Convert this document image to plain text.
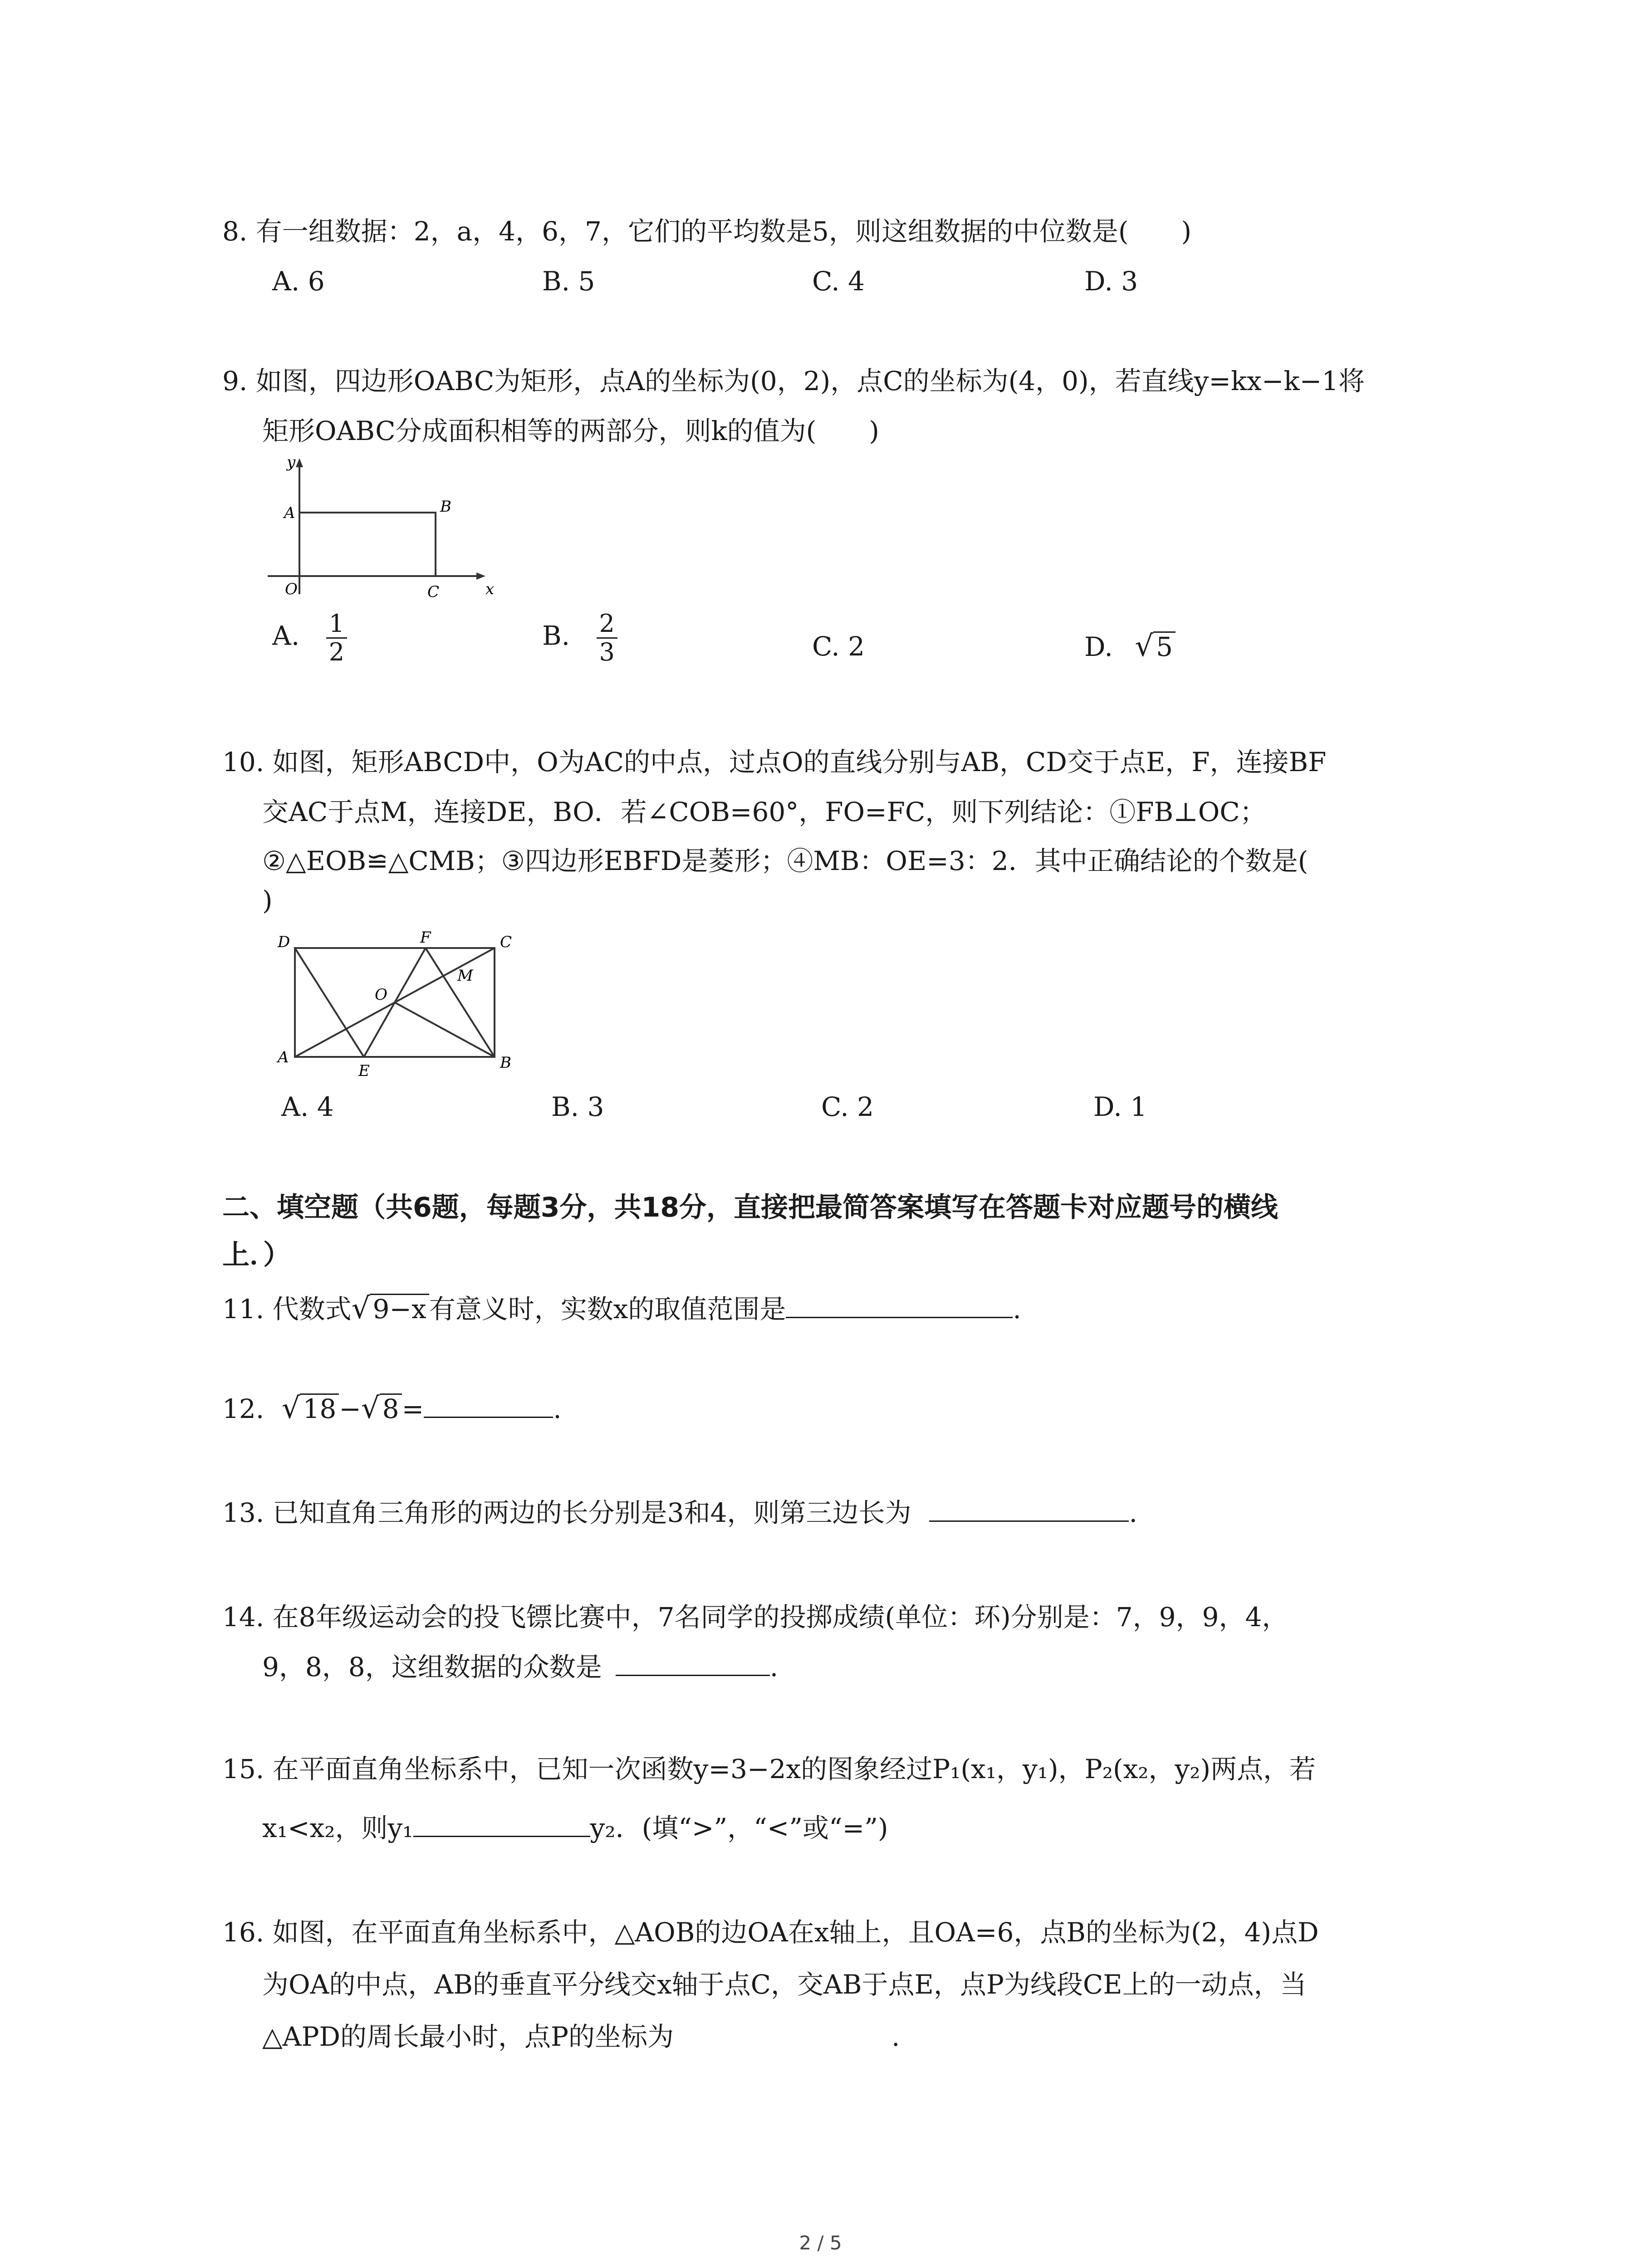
8. 有一组数据：2，a，4，6，7，它们的平均数是5，则这组数据的中位数是(　　)
A. 6	B. 5	C. 4	D. 3
9. 如图，四边形OABC为矩形，点A的坐标为(0，2)，点C的坐标为(4，0)，若直线y=kx−k−1将
矩形OABC分成面积相等的两部分，则k的值为(　　)
y
x
A	B
O	C
A. $\frac{1}{2}$	B. $\frac{2}{3}$	C. 2	D. √ 5
10. 如图，矩形ABCD中，O为AC的中点，过点O的直线分别与AB，CD交于点E，F，连接BF
交AC于点M，连接DE，BO．若∠COB=60°，FO=FC，则下列结论：①FB⊥OC；
②△EOB≌△CMB；③四边形EBFD是菱形；④MB：OE=3：2．其中正确结论的个数是(
)
D	F	C
M
O
A
E	B
A. 4	B. 3	C. 2	D. 1
二、填空题（共6题，每题3分，共18分，直接把最简答案填写在答题卡对应题号的横线
上．）
11. 代数式√ 9−x 有意义时，实数x的取值范围是	.
12. √ 18 −√ 8 =	.
13. 已知直角三角形的两边的长分别是3和4，则第三边长为	.
14. 在8年级运动会的投飞镖比赛中，7名同学的投掷成绩(单位：环)分别是：7，9，9，4，
9，8，8，这组数据的众数是	.
15. 在平面直角坐标系中，已知一次函数y=3−2x的图象经过P₁(x₁，y₁)，P₂(x₂，y₂)两点，若
x₁<x₂，则y₁	y₂．(填“>”，“<”或“=”)
16. 如图，在平面直角坐标系中，△AOB的边OA在x轴上，且OA=6，点B的坐标为(2，4)点D
为OA的中点，AB的垂直平分线交x轴于点C，交AB于点E，点P为线段CE上的一动点，当
△APD的周长最小时，点P的坐标为	.
2 / 5
